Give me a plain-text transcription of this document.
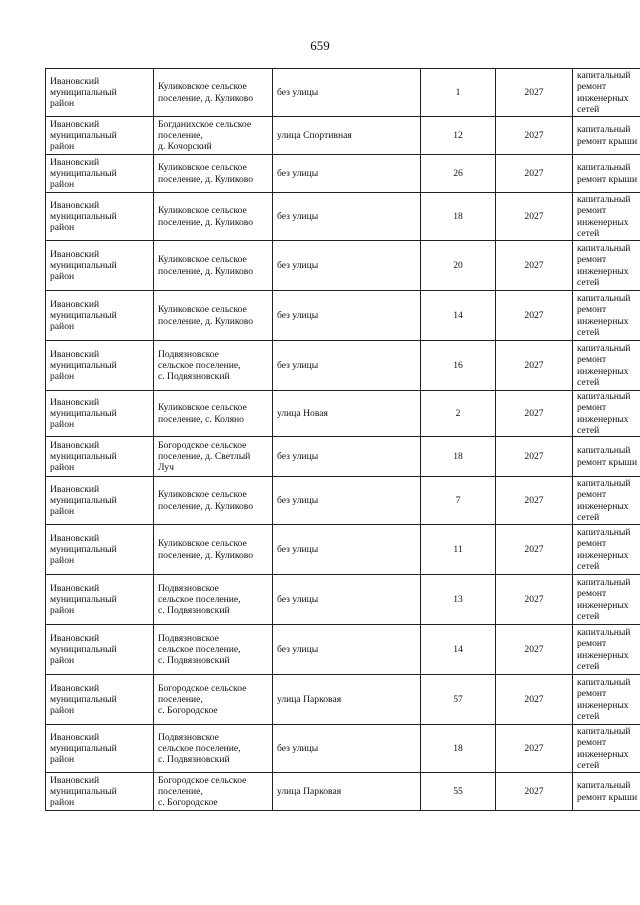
659
Ивановский
муниципальный
район	Куликовское сельское
поселение, д. Куликово	без улицы	1	2027	капитальный
ремонт
инженерных
сетей

Ивановский
муниципальный
район	Богданихское сельское
поселение,
д. Кочорский	улица Спортивная	12	2027	капитальный
ремонт крыши

Ивановский
муниципальный
район	Куликовское сельское
поселение, д. Куликово	без улицы	26	2027	капитальный
ремонт крыши

Ивановский
муниципальный
район	Куликовское сельское
поселение, д. Куликово	без улицы	18	2027	капитальный
ремонт
инженерных
сетей

Ивановский
муниципальный
район	Куликовское сельское
поселение, д. Куликово	без улицы	20	2027	капитальный
ремонт
инженерных
сетей

Ивановский
муниципальный
район	Куликовское сельское
поселение, д. Куликово	без улицы	14	2027	капитальный
ремонт
инженерных
сетей

Ивановский
муниципальный
район	Подвязновское
сельское поселение,
с. Подвязновский	без улицы	16	2027	капитальный
ремонт
инженерных
сетей

Ивановский
муниципальный
район	Куликовское сельское
поселение, с. Коляно	улица Новая	2	2027	капитальный
ремонт
инженерных
сетей

Ивановский
муниципальный
район	Богородское сельское
поселение, д. Светлый
Луч	без улицы	18	2027	капитальный
ремонт крыши

Ивановский
муниципальный
район	Куликовское сельское
поселение, д. Куликово	без улицы	7	2027	капитальный
ремонт
инженерных
сетей

Ивановский
муниципальный
район	Куликовское сельское
поселение, д. Куликово	без улицы	11	2027	капитальный
ремонт
инженерных
сетей

Ивановский
муниципальный
район	Подвязновское
сельское поселение,
с. Подвязновский	без улицы	13	2027	капитальный
ремонт
инженерных
сетей

Ивановский
муниципальный
район	Подвязновское
сельское поселение,
с. Подвязновский	без улицы	14	2027	капитальный
ремонт
инженерных
сетей

Ивановский
муниципальный
район	Богородское сельское
поселение,
с. Богородское	улица Парковая	57	2027	капитальный
ремонт
инженерных
сетей

Ивановский
муниципальный
район	Подвязновское
сельское поселение,
с. Подвязновский	без улицы	18	2027	капитальный
ремонт
инженерных
сетей

Ивановский
муниципальный
район	Богородское сельское
поселение,
с. Богородское	улица Парковая	55	2027	капитальный
ремонт крыши
